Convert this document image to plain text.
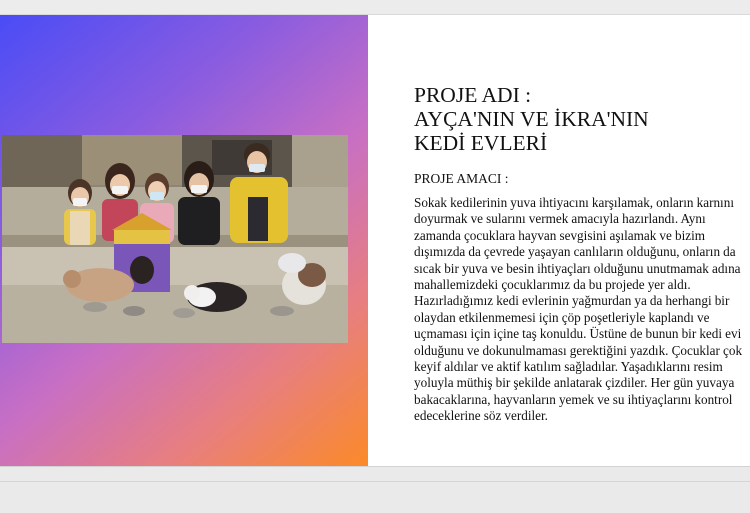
PROJE ADI :
AYÇA'NIN VE İKRA'NIN
KEDİ EVLERİ
PROJE AMACI :
Sokak kedilerinin yuva ihtiyacını karşılamak, onların karnını doyurmak ve sularını vermek amacıyla hazırlandı. Aynı zamanda çocuklara hayvan sevgisini aşılamak ve bizim dışımızda da çevrede yaşayan canlıların olduğunu, onların da sıcak bir yuva ve besin ihtiyaçları olduğunu unutmamak adına mahallemizdeki çocuklarımız da bu projede yer aldı. Hazırladığımız kedi evlerinin yağmurdan ya da herhangi bir olaydan etkilenmemesi için çöp poşetleriyle kaplandı ve uçmaması için içine taş konuldu. Üstüne de bunun bir kedi evi olduğunu ve dokunulmaması gerektiğini yazdık. Çocuklar çok keyif aldılar ve aktif katılım sağladılar. Yaşadıklarını resim yoluyla müthiş bir şekilde anlatarak çizdiler. Her gün yuvaya bakacaklarına, hayvanların yemek ve su ihtiyaçlarını kontrol edeceklerine söz verdiler.
